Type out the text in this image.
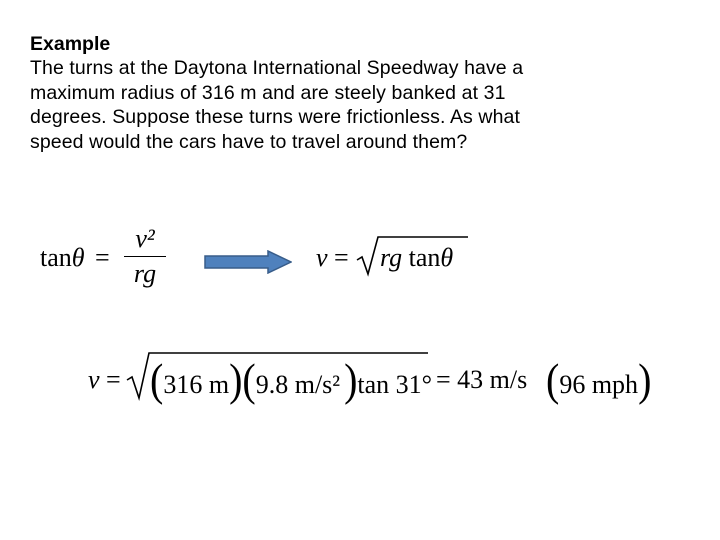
Example
The turns at the Daytona International Speedway have a
maximum radius of 316 m and are steely banked at 31
degrees. Suppose these turns were frictionless. As what
speed would the cars have to travel around them?
tanθ =
v²
rg
v = rg tanθ
v = (316 m)(9.8 m/s² )tan 31° = 43 m/s (96 mph)
